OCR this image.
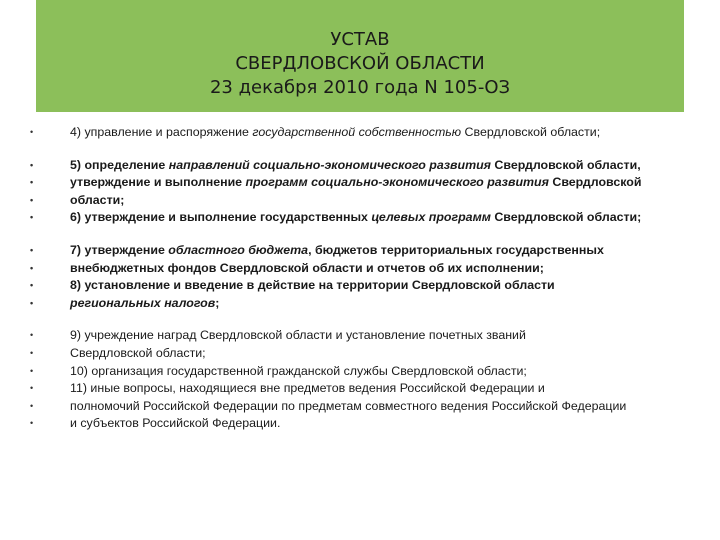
УСТАВ
СВЕРДЛОВСКОЙ ОБЛАСТИ
23 декабря 2010 года N 105-ОЗ
•	4) управление и распоряжение государственной собственностью Свердловской области;
•	5) определение направлений социально-экономического развития Свердловской области,
•	утверждение и выполнение программ социально-экономического развития Свердловской
•	области;
•	6) утверждение и выполнение государственных целевых программ Свердловской области;
•	7) утверждение областного бюджета, бюджетов территориальных государственных
•	внебюджетных фондов Свердловской области и отчетов об их исполнении;
•	8) установление и введение в действие на территории Свердловской области
•	региональных налогов;
•	9) учреждение наград Свердловской области и установление почетных званий
•	Свердловской области;
•	10) организация государственной гражданской службы Свердловской области;
•	11) иные вопросы, находящиеся вне предметов ведения Российской Федерации и
•	полномочий Российской Федерации по предметам совместного ведения Российской Федерации
•	и субъектов Российской Федерации.
